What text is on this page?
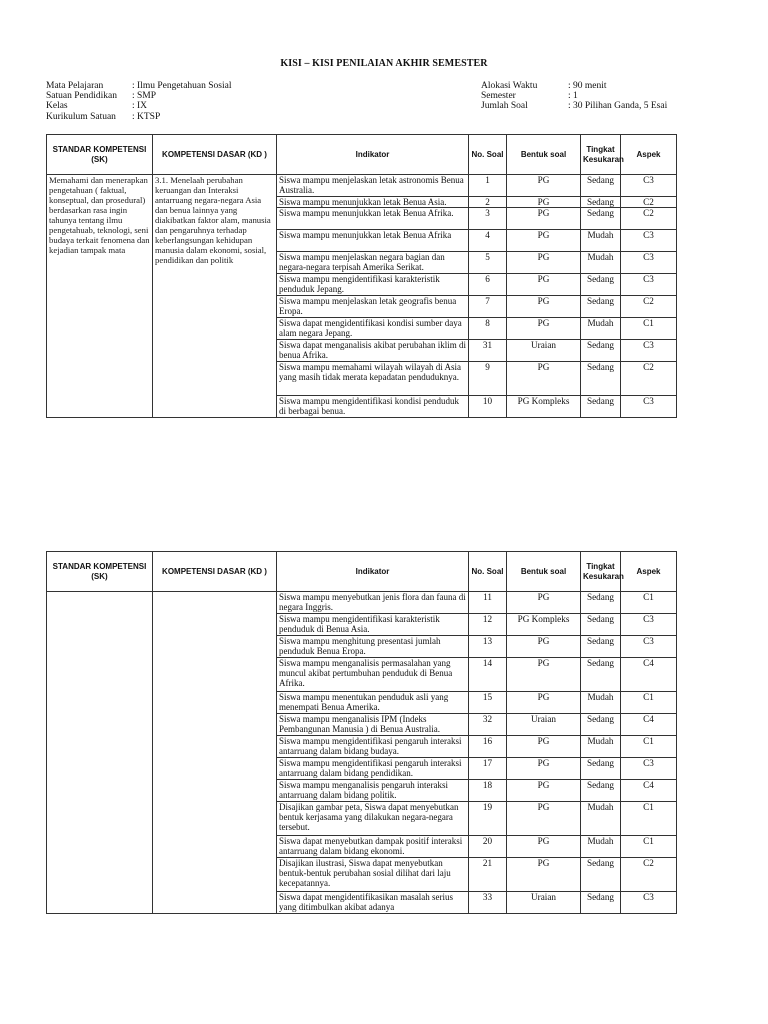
KISI – KISI PENILAIAN AKHIR SEMESTER
Mata Pelajaran	: Ilmu Pengetahuan Sosial
Satuan Pendidikan	: SMP
Kelas	: IX
Kurikulum Satuan	: KTSP
Alokasi Waktu	: 90 menit
Semester	: 1
Jumlah Soal	: 30 Pilihan Ganda, 5 Esai
STANDAR KOMPETENSI (SK)	KOMPETENSI DASAR (KD )	Indikator	No. Soal	Bentuk soal	Tingkat Kesukaran	Aspek
Memahami dan menerapkan pengetahuan ( faktual, konseptual, dan prosedural) berdasarkan rasa ingin tahunya tentang ilmu pengetahuab, teknologi, seni budaya terkait fenomena dan kejadian tampak mata	3.1. Menelaah perubahan keruangan dan Interaksi antarruang negara-negara Asia dan benua lainnya yang diakibatkan faktor alam, manusia dan pengaruhnya terhadap keberlangsungan kehidupan manusia dalam ekonomi, sosial, pendidikan dan politik	Siswa mampu menjelaskan letak astronomis Benua Australia.	1	PG	Sedang	C3
		Siswa mampu menunjukkan letak Benua Asia.	2	PG	Sedang	C2
		Siswa mampu menunjukkan letak Benua Afrika.	3	PG	Sedang	C2
		Siswa mampu menunjukkan letak Benua Afrika	4	PG	Mudah	C3
		Siswa mampu menjelaskan negara bagian dan negara-negara terpisah Amerika Serikat.	5	PG	Mudah	C3
		Siswa mampu mengidentifikasi karakteristik penduduk Jepang.	6	PG	Sedang	C3
		Siswa mampu menjelaskan letak geografis benua Eropa.	7	PG	Sedang	C2
		Siswa dapat mengidentifikasi kondisi sumber daya alam negara Jepang.	8	PG	Mudah	C1
		Siswa dapat menganalisis akibat perubahan iklim di benua Afrika.	31	Uraian	Sedang	C3
		Siswa mampu memahami wilayah wilayah di Asia yang masih tidak merata kepadatan penduduknya.	9	PG	Sedang	C2
		Siswa mampu mengidentifikasi kondisi penduduk di berbagai benua.	10	PG Kompleks	Sedang	C3
STANDAR KOMPETENSI (SK)	KOMPETENSI DASAR (KD )	Indikator	No. Soal	Bentuk soal	Tingkat Kesukaran	Aspek
		Siswa mampu menyebutkan jenis flora dan fauna di negara Inggris.	11	PG	Sedang	C1
		Siswa mampu mengidentifikasi karakteristik penduduk di Benua Asia.	12	PG Kompleks	Sedang	C3
		Siswa mampu menghitung presentasi jumlah penduduk Benua Eropa.	13	PG	Sedang	C3
		Siswa mampu menganalisis permasalahan yang muncul akibat pertumbuhan penduduk di Benua Afrika.	14	PG	Sedang	C4
		Siswa mampu menentukan penduduk asli yang menempati Benua Amerika.	15	PG	Mudah	C1
		Siswa mampu menganalisis IPM (Indeks Pembangunan Manusia ) di Benua Australia.	32	Uraian	Sedang	C4
		Siswa mampu mengidentifikasi pengaruh interaksi antarruang dalam bidang budaya.	16	PG	Mudah	C1
		Siswa mampu mengidentifikasi pengaruh interaksi antarruang dalam bidang pendidikan.	17	PG	Sedang	C3
		Siswa mampu menganalisis pengaruh interaksi antarruang dalam bidang politik.	18	PG	Sedang	C4
		Disajikan gambar peta, Siswa dapat menyebutkan bentuk kerjasama yang dilakukan negara-negara tersebut.	19	PG	Mudah	C1
		Siswa dapat menyebutkan dampak positif interaksi antarruang dalam bidang ekonomi.	20	PG	Mudah	C1
		Disajikan ilustrasi, Siswa dapat menyebutkan bentuk-bentuk perubahan sosial dilihat dari laju kecepatannya.	21	PG	Sedang	C2
		Siswa dapat mengidentifikasikan masalah serius yang ditimbulkan akibat adanya	33	Uraian	Sedang	C3
